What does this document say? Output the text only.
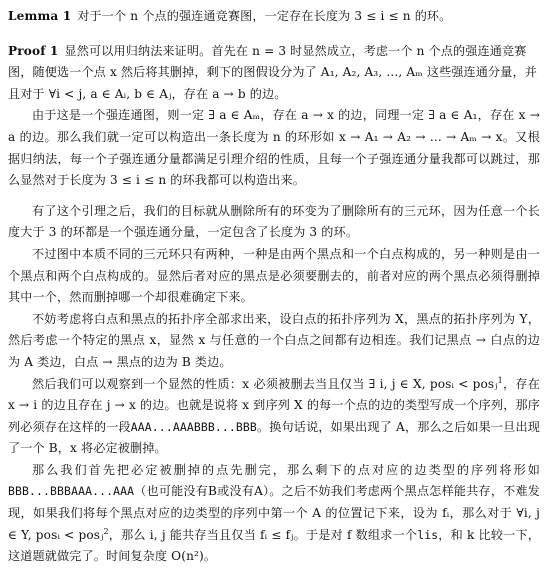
Lemma 1 对于一个 n 个点的强连通竞赛图，一定存在长度为 3 ≤ i ≤ n 的环。

Proof 1 显然可以用归纳法来证明。首先在 n = 3 时显然成立，考虑一个 n 个点的强连通竞赛图，随便选一个点 x 然后将其删掉，剩下的图假设分为了 A₁, A₂, A₃, ..., Aₘ 这些强连通分量，并且对于 ∀i < j, a ∈ Aᵢ, b ∈ Aⱼ，存在 a → b 的边。

由于这是一个强连通图，则一定 ∃ a ∈ Aₘ，存在 a → x 的边，同理一定 ∃ a ∈ A₁，存在 x → a 的边。那么我们就一定可以构造出一条长度为 n 的环形如 x → A₁ → A₂ → ... → Aₘ → x。又根据归纳法，每一个子强连通分量都满足引理介绍的性质，且每一个子强连通分量我都可以跳过，那么显然对于长度为 3 ≤ i ≤ n 的环我都可以构造出来。

有了这个引理之后，我们的目标就从删除所有的环变为了删除所有的三元环，因为任意一个长度大于 3 的环都是一个强连通分量，一定包含了长度为 3 的环。

不过图中本质不同的三元环只有两种，一种是由两个黑点和一个白点构成的，另一种则是由一个黑点和两个白点构成的。显然后者对应的黑点是必须要删去的，前者对应的两个黑点必须得删掉其中一个，然而删掉哪一个却很难确定下来。

不妨考虑将白点和黑点的拓扑序全部求出来，设白点的拓扑序列为 X，黑点的拓扑序列为 Y，然后考虑一个特定的黑点 x，显然 x 与任意的一个白点之间都有边相连。我们记黑点 → 白点的边为 A 类边，白点 → 黑点的边为 B 类边。

然后我们可以观察到一个显然的性质：x 必须被删去当且仅当 ∃ i, j ∈ X, posᵢ < posⱼ$^1$，存在 x → i 的边且存在 j → x 的边。也就是说将 x 到序列 X 的每一个点的边的类型写成一个序列，那序列必须存在这样的一段AAA...AAABBB...BBB。换句话说，如果出现了 A，那么之后如果一旦出现了一个 B，x 将必定被删掉。

那么我们首先把必定被删掉的点先删完，那么剩下的点对应的边类型的序列将形如BBB...BBBAAA...AAA（也可能没有B或没有A）。之后不妨我们考虑两个黑点怎样能共存，不难发现，如果我们将每个黑点对应的边类型的序列中第一个 A 的位置记下来，设为 fᵢ，那么对于 ∀i, j ∈ Y, posᵢ < posⱼ$^2$，那么 i, j 能共存当且仅当 fᵢ ≤ fⱼ。于是对 f 数组求一个lis，和 k 比较一下，这道题就做完了。时间复杂度 O(n²)。
